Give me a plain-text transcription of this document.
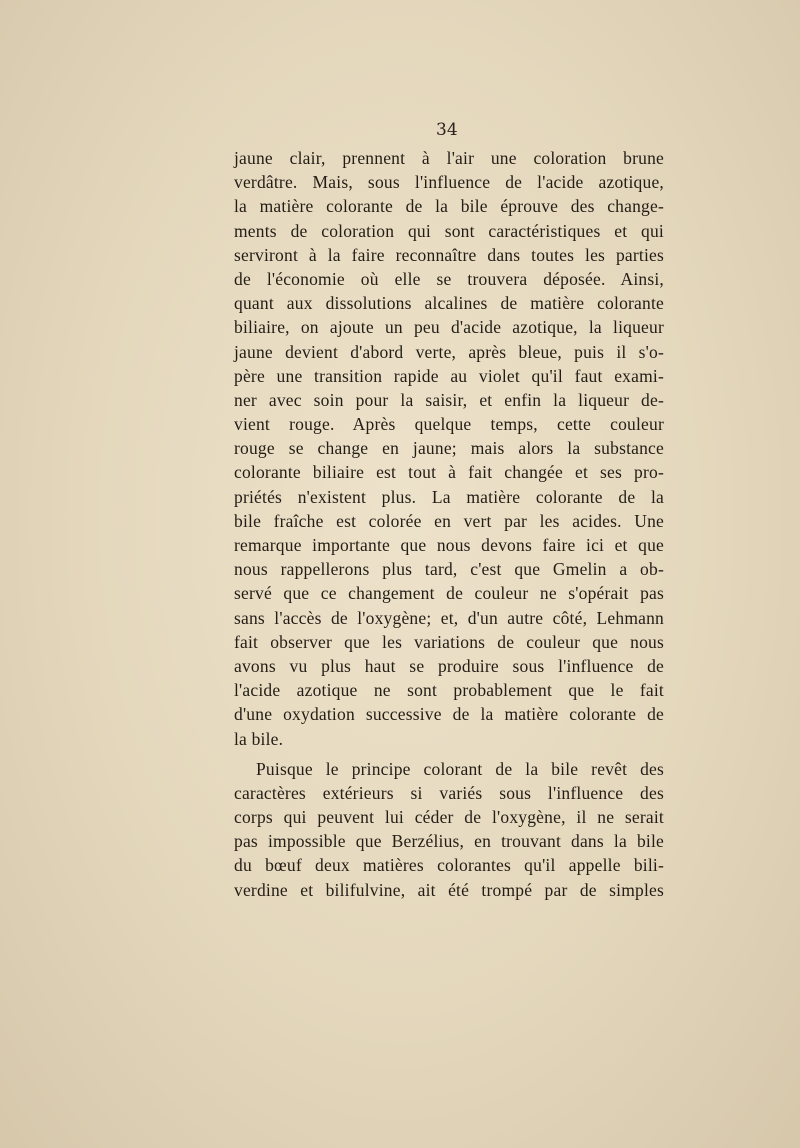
34
jaune clair, prennent à l'air une coloration brune
verdâtre. Mais, sous l'influence de l'acide azotique,
la matière colorante de la bile éprouve des change-
ments de coloration qui sont caractéristiques et qui
serviront à la faire reconnaître dans toutes les parties
de l'économie où elle se trouvera déposée. Ainsi,
quant aux dissolutions alcalines de matière colorante
biliaire, on ajoute un peu d'acide azotique, la liqueur
jaune devient d'abord verte, après bleue, puis il s'o-
père une transition rapide au violet qu'il faut exami-
ner avec soin pour la saisir, et enfin la liqueur de-
vient rouge. Après quelque temps, cette couleur
rouge se change en jaune; mais alors la substance
colorante biliaire est tout à fait changée et ses pro-
priétés n'existent plus. La matière colorante de la
bile fraîche est colorée en vert par les acides. Une
remarque importante que nous devons faire ici et que
nous rappellerons plus tard, c'est que Gmelin a ob-
servé que ce changement de couleur ne s'opérait pas
sans l'accès de l'oxygène; et, d'un autre côté, Lehmann
fait observer que les variations de couleur que nous
avons vu plus haut se produire sous l'influence de
l'acide azotique ne sont probablement que le fait
d'une oxydation successive de la matière colorante de
la bile.
Puisque le principe colorant de la bile revêt des
caractères extérieurs si variés sous l'influence des
corps qui peuvent lui céder de l'oxygène, il ne serait
pas impossible que Berzélius, en trouvant dans la bile
du bœuf deux matières colorantes qu'il appelle bili-
verdine et bilifulvine, ait été trompé par de simples
